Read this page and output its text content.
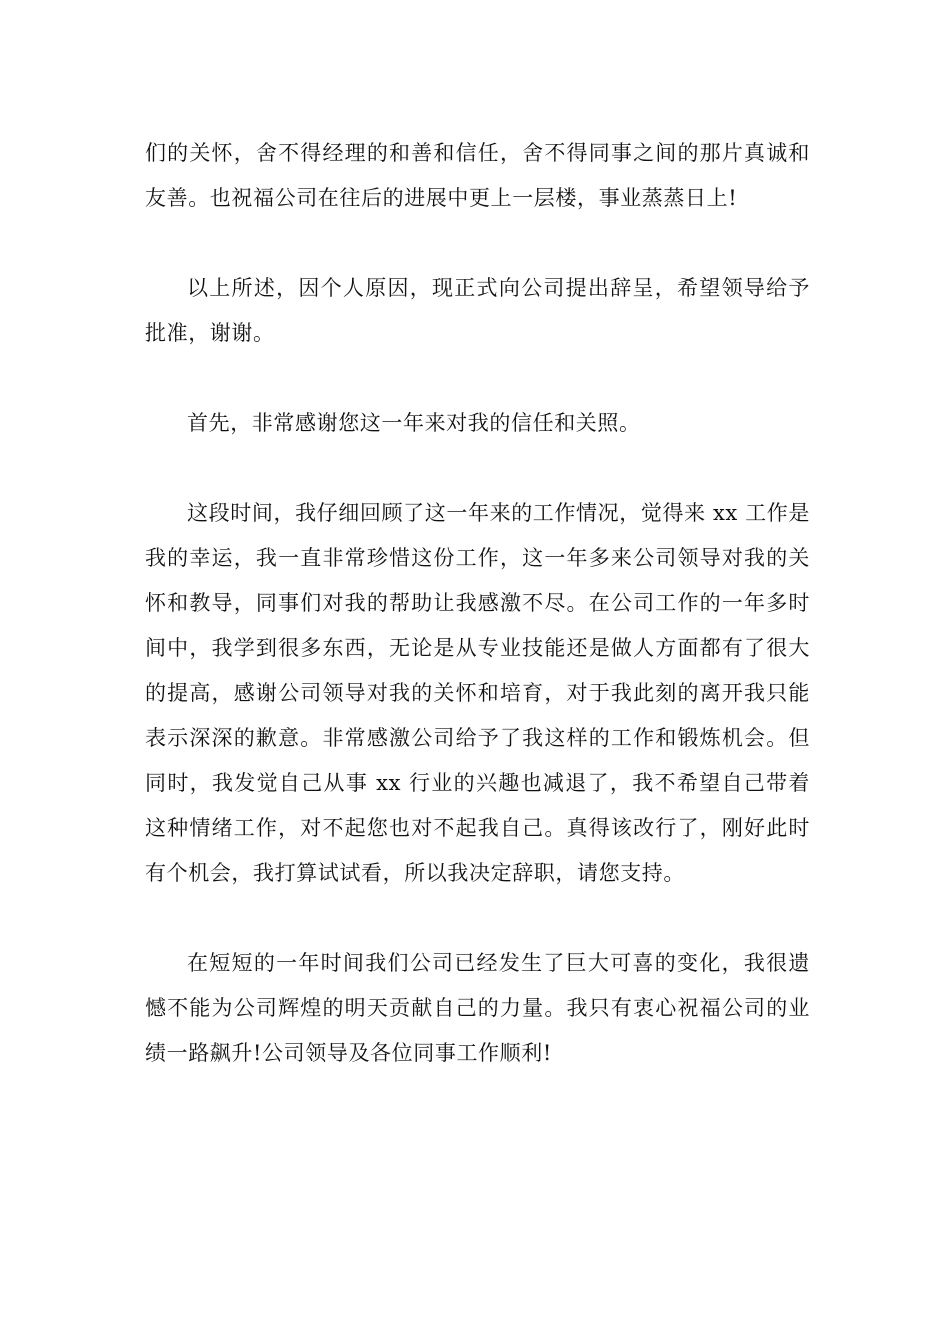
们的关怀，舍不得经理的和善和信任，舍不得同事之间的那片真诚和友善。也祝福公司在往后的进展中更上一层楼，事业蒸蒸日上!

以上所述，因个人原因，现正式向公司提出辞呈，希望领导给予批准，谢谢。

首先，非常感谢您这一年来对我的信任和关照。

这段时间，我仔细回顾了这一年来的工作情况，觉得来 xx 工作是我的幸运，我一直非常珍惜这份工作，这一年多来公司领导对我的关怀和教导，同事们对我的帮助让我感激不尽。在公司工作的一年多时间中，我学到很多东西，无论是从专业技能还是做人方面都有了很大的提高，感谢公司领导对我的关怀和培育，对于我此刻的离开我只能表示深深的歉意。非常感激公司给予了我这样的工作和锻炼机会。但同时，我发觉自己从事 xx 行业的兴趣也减退了，我不希望自己带着这种情绪工作，对不起您也对不起我自己。真得该改行了，刚好此时有个机会，我打算试试看，所以我决定辞职，请您支持。

在短短的一年时间我们公司已经发生了巨大可喜的变化，我很遗憾不能为公司辉煌的明天贡献自己的力量。我只有衷心祝福公司的业绩一路飙升!公司领导及各位同事工作顺利!
